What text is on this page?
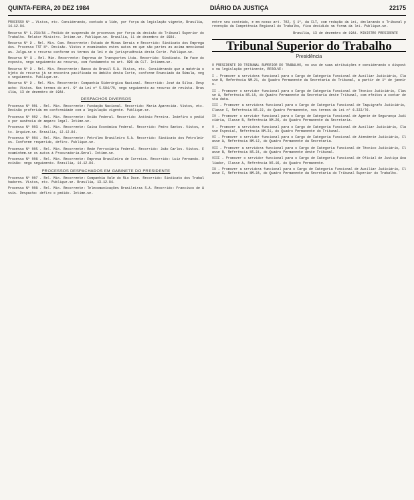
QUINTA-FEIRA, 20 DEZ 1984	DIÁRIO DA JUSTIÇA	22175

PROCESSO Nº — Vistos, etc. Considerando, contudo a lide, por força da legislação vigente, Brasília, 14.12.84.

Recurso Nº 1.234/84 — Pedido de suspensão de processos por força da decisão do Tribunal Superior do Trabalho. Relator Ministro. Intime-se. Publique-se. Brasília, 11 de dezembro de 1984.

Recurso Nº 9 - Rel. Min. Com. Recorrente: Estado de Minas Gerais e Recorrido: Sindicato dos Empregados. Processo TST Nº. Decisão. Vistos e examinados estes autos em que são partes as acima mencionadas. Julga-se o recurso conforme os termos da lei e da jurisprudência desta Corte. Publique-se.

Recurso Nº 9 - Rel. Min. Recorrente: Empresa de Transportes Ltda. Recorrido: Sindicato. Em face do exposto, nego seguimento ao recurso, com fundamento no art. 896 da CLT. Intimem-se.

Recurso Nº 9 - Rel. Min. Recorrente: Banco do Brasil S.A. Vistos, etc. Considerando que a matéria objeto do recurso já se encontra pacificada no âmbito desta Corte, conforme Enunciado da Súmula, nego seguimento. Publique-se.

Recurso Nº 9 - Rel. Min. Recorrente: Companhia Siderúrgica Nacional. Recorrido: José da Silva. Despacho: Vistos. Nos termos do art. 9º da Lei nº 5.584/70, nego seguimento ao recurso de revista. Brasília, 13 de dezembro de 1984.

DESPACHOS DIVERSOS

Processo Nº 001 - Rel. Min. Recorrente: Fundação Nacional. Recorrido: Maria Aparecida. Vistos, etc. Decisão proferida em conformidade com a legislação vigente. Publique-se.

Processo Nº 002 - Rel. Min. Recorrente: União Federal. Recorrido: Antônio Pereira. Indefiro o pedido por ausência de amparo legal. Intime-se.

Processo Nº 003 - Rel. Min. Recorrente: Caixa Econômica Federal. Recorrido: Pedro Santos. Vistos, etc. Arquive-se. Brasília, 12.12.84.

Processo Nº 004 - Rel. Min. Recorrente: Petróleo Brasileiro S.A. Recorrido: Sindicato dos Petroleiros. Conforme requerido, defiro. Publique-se.

Processo Nº 005 - Rel. Min. Recorrente: Rede Ferroviária Federal. Recorrido: João Carlos. Vistos. Encaminhem-se os autos à Procuradoria-Geral. Intime-se.

Processo Nº 006 - Rel. Min. Recorrente: Empresa Brasileira de Correios. Recorrido: Luiz Fernando. Decisão: nego seguimento. Brasília, 14.12.84.

PROCESSOS DESPACHADOS EM GABINETE DO PRESIDENTE

Processo Nº 007 - Rel. Min. Recorrente: Companhia Vale do Rio Doce. Recorrido: Sindicato dos Trabalhadores. Vistos, etc. Publique-se. Brasília, 13.12.84.

Processo Nº 008 - Rel. Min. Recorrente: Telecomunicações Brasileiras S.A. Recorrido: Francisco de Assis. Despacho: defiro o pedido. Intime-se.

entre seu conteúdo, e em nosso art. 702, § 1º, da CLT, com redação da Lei, declarando o Tribunal prevenção da Competência Regional do Trabalho, fica decidido na forma da lei. Publique-se.

Brasília, 13 de dezembro de 1984. MINISTRO PRESIDENTE

Tribunal Superior do Trabalho
Presidência

O PRESIDENTE DO TRIBUNAL SUPERIOR DO TRABALHO, no uso de suas atribuições e considerando o disposto na legislação pertinente, RESOLVE:

I - Promover a servidora funcional para o Cargo de Categoria Funcional de Auxiliar Judiciário, Classe B, Referência NM-21, do Quadro Permanente da Secretaria do Tribunal, a partir de 1º de janeiro.

II - Promover o servidor funcional para o Cargo de Categoria Funcional de Técnico Judiciário, Classe A, Referência NS-18, do Quadro Permanente da Secretaria deste Tribunal, com efeitos a contar desta data.

III - Promover a servidora funcional para o Cargo de Categoria Funcional de Taquígrafo Judiciário, Classe C, Referência NS-22, do Quadro Permanente, nos termos da Lei nº 6.333/76.

IV - Promover o servidor funcional para o Cargo de Categoria Funcional de Agente de Segurança Judiciária, Classe B, Referência NM-26, do Quadro Permanente da Secretaria.

V - Promover a servidora funcional para o Cargo de Categoria Funcional de Auxiliar Judiciário, Classe Especial, Referência NM-31, do Quadro Permanente do Tribunal.

VI - Promover o servidor funcional para o Cargo de Categoria Funcional de Atendente Judiciário, Classe A, Referência NM-12, do Quadro Permanente da Secretaria.

VII - Promover a servidora funcional para o Cargo de Categoria Funcional de Técnico Judiciário, Classe B, Referência NS-24, do Quadro Permanente deste Tribunal.

VIII - Promover o servidor funcional para o Cargo de Categoria Funcional de Oficial de Justiça Avaliador, Classe A, Referência NS-16, do Quadro Permanente.

IX - Promover a servidora funcional para o Cargo de Categoria Funcional de Auxiliar Judiciário, Classe C, Referência NM-28, do Quadro Permanente da Secretaria do Tribunal Superior do Trabalho.
